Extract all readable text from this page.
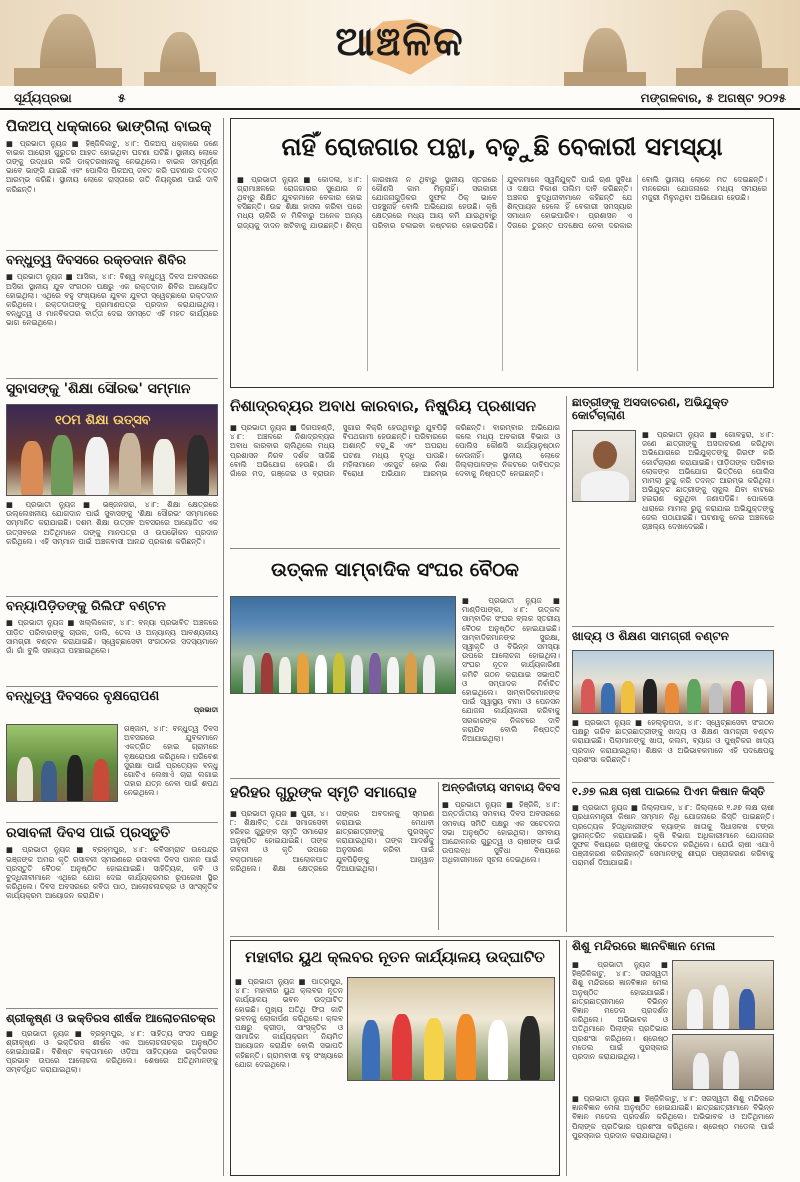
ଆଞ୍ଚଳିକ
ସୂର୍ଯ୍ୟପ୍ରଭା	୫	ମଙ୍ଗଳବାର, ୫ ଅଗଷ୍ଟ ୨୦୨୫
ପିକଅପ୍ ଧକ୍କାରେ ଭାଙ୍ଗିଲା ବାଇକ୍
■ ପ୍ରଭାତୀ ନ୍ୟୁଜ ■ ହିଞ୍ଜିଳିକାଟୁ, ୪।୮: ପିକଅପ୍ ଧକ୍କାରେ ଜଣେ ବାଇକ ଆରୋହୀ ଗୁରୁତର ଆହତ ହୋଇଥିବା ଘଟଣା ଘଟିଛି। ସ୍ଥାନୀୟ ଲୋକେ ତାଙ୍କୁ ଉଦ୍ଧାର କରି ଡାକ୍ତରଖାନାକୁ ନେଇଥିଲେ। ବାଇକ ସମ୍ପୂର୍ଣ୍ଣ ଭାବେ ଭାଙ୍ଗି ଯାଇଛି ଏବଂ ପୋଲିସ ପିକଅପ୍ ଜବତ କରି ଘଟଣାର ତଦନ୍ତ ଆରମ୍ଭ କରିଛି। ସ୍ଥାନୀୟ ଲୋକେ ରାସ୍ତାରେ ଗତି ନିୟନ୍ତ୍ରଣ ପାଇଁ ଦାବି କରିଛନ୍ତି।
ବନ୍ଧୁତ୍ୱ ଦିବସରେ ରକ୍ତଦାନ ଶିବିର
■ ପ୍ରଭାତୀ ନ୍ୟୁଜ ■ ଆସିକା, ୪।୮: ବିଶ୍ୱ ବନ୍ଧୁତ୍ୱ ଦିବସ ଅବସରରେ ଅସିକା ସ୍ଥାନୀୟ ଯୁବ ସଂଗଠନ ପକ୍ଷରୁ ଏକ ରକ୍ତଦାନ ଶିବିର ଆୟୋଜିତ ହୋଇଥିଲା। ଏଥିରେ ବହୁ ସଂଖ୍ୟାରେ ଯୁବକ ଯୁବତୀ ସ୍ୱେଚ୍ଛାରେ ରକ୍ତଦାନ କରିଥିଲେ। ରକ୍ତଦାତାଙ୍କୁ ପ୍ରମାଣପତ୍ର ପ୍ରଦାନ କରାଯାଇଥିଲା। ବନ୍ଧୁତ୍ୱ ଓ ମାନବିକତାର ବାର୍ତ୍ତା ଦେଇ ସମସ୍ତେ ଏହି ମହତ କାର୍ଯ୍ୟରେ ଭାଗ ନେଇଥିଲେ।
ସୁବାସଙ୍କୁ 'ଶିକ୍ଷା ସୌରଭ' ସମ୍ମାନ
୧୦ମ ଶିକ୍ଷା ଉତ୍ସବ
■ ପ୍ରଭାତୀ ନ୍ୟୁଜ ■ ଭଞ୍ଜନଗର, ୪।୮: ଶିକ୍ଷା କ୍ଷେତ୍ରରେ ଉଲ୍ଲେଖନୀୟ ଯୋଗଦାନ ପାଇଁ ସୁବାସଙ୍କୁ 'ଶିକ୍ଷା ସୌରଭ' ସମ୍ମାନରେ ସମ୍ମାନିତ କରାଯାଇଛି। ଦଶମ ଶିକ୍ଷା ଉତ୍ସବ ଅବସରରେ ଆୟୋଜିତ ଏକ ଉତ୍ସବରେ ଅତିଥିମାନେ ତାଙ୍କୁ ମାନପତ୍ର ଓ ଉପଢୌକନ ପ୍ରଦାନ କରିଥିଲେ। ଏହି ସମ୍ମାନ ପାଇଁ ଅଞ୍ଚଳବାସୀ ଆନନ୍ଦ ପ୍ରକାଶ କରିଛନ୍ତି।
ବନ୍ୟାପିଡ଼ିତଙ୍କୁ ରିଲିଫ ବଣ୍ଟନ
■ ପ୍ରଭାତୀ ନ୍ୟୁଜ ■ ଖଲ୍ଲିକୋଟ, ୪।୮: ବନ୍ୟା ପ୍ରଭାବିତ ଅଞ୍ଚଳରେ ପୀଡ଼ିତ ପରିବାରଙ୍କୁ ଚାଉଳ, ଡାଲି, ତେଲ ଓ ଅନ୍ୟାନ୍ୟ ଆବଶ୍ୟକୀୟ ସାମଗ୍ରୀ ବଣ୍ଟନ କରାଯାଇଛି। ସ୍ୱେଚ୍ଛାସେବୀ ସଂଗଠନର ସଦସ୍ୟମାନେ ଗାଁ ଗାଁ ବୁଲି ସହାୟତା ପହଞ୍ଚାଇଥିଲେ।
ବନ୍ଧୁତ୍ୱ ଦିବସରେ ବୃକ୍ଷରୋପଣ
ପ୍ରଭାତୀ
ଗଞ୍ଜାମ, ୪।୮: ବନ୍ଧୁତ୍ୱ ଦିବସ ଅବସରରେ ଯୁବକମାନେ ଏକତ୍ରିତ ହୋଇ ଗ୍ରାମରେ ବୃକ୍ଷରୋପଣ କରିଥିଲେ। ପରିବେଶ ସୁରକ୍ଷା ପାଇଁ ପ୍ରତ୍ୟେକ ବନ୍ଧୁ ଗୋଟିଏ ଲେଖାଏଁ ଚାରା ଲଗାଇ ତାହାର ଯତ୍ନ ନେବା ପାଇଁ ଶପଥ ନେଇଥିଲେ।
ରସାବଳୀ ଦିବସ ପାଇଁ ପ୍ରସ୍ତୁତି
■ ପ୍ରଭାତୀ ନ୍ୟୁଜ ■ ବ୍ରହ୍ମପୁର, ୪।୮: କବିସମ୍ରାଟ ଉପେନ୍ଦ୍ର ଭଞ୍ଜଙ୍କ ଅମର କୃତି ରସାବଳୀ ସ୍ମରଣରେ ରସାବଳୀ ଦିବସ ପାଳନ ପାଇଁ ପ୍ରସ୍ତୁତି ବୈଠକ ଅନୁଷ୍ଠିତ ହୋଇଯାଇଛି। ସାହିତ୍ୟିକ, କବି ଓ ବୁଦ୍ଧିଜୀବୀମାନେ ଏଥିରେ ଯୋଗ ଦେଇ କାର୍ଯ୍ୟକ୍ରମର ରୂପରେଖ ସ୍ଥିର କରିଥିଲେ। ଦିବସ ଅବସରରେ କବିତା ପାଠ, ଆଲୋଚନାଚକ୍ର ଓ ସାଂସ୍କୃତିକ କାର୍ଯ୍ୟକ୍ରମ ଆୟୋଜନ କରାଯିବ।
ଶ୍ରୀକୃଷ୍ଣ ଓ ଭକ୍ତିରସ ଶୀର୍ଷକ ଆଲୋଚନାଚକ୍ର
■ ପ୍ରଭାତୀ ନ୍ୟୁଜ ■ ବ୍ରହ୍ମପୁର, ୪।୮: ସାହିତ୍ୟ ସଂସଦ ପକ୍ଷରୁ ଶ୍ରୀକୃଷ୍ଣ ଓ ଭକ୍ତିରସ ଶୀର୍ଷକ ଏକ ଆଲୋଚନାଚକ୍ର ଅନୁଷ୍ଠିତ ହୋଇଯାଇଛି। ବିଶିଷ୍ଟ ବକ୍ତାମାନେ ଓଡ଼ିଆ ସାହିତ୍ୟରେ ଭକ୍ତିରସର ପ୍ରଭାବ ଉପରେ ଆଲୋଚନା କରିଥିଲେ। ଶେଷରେ ଅତିଥିମାନଙ୍କୁ ସମ୍ବର୍ଦ୍ଧିତ କରାଯାଇଥିଲା।
ନାହିଁ ରୋଜଗାର ପନ୍ଥା, ବଢ଼ୁଛି ବେକାରୀ ସମସ୍ୟା
■ ପ୍ରଭାତୀ ନ୍ୟୁଜ ■ କୋଦଳା, ୪।୮: ଗ୍ରାମାଞ୍ଚଳରେ ରୋଜଗାରର ସୁଯୋଗ ନ ଥିବାରୁ ଶିକ୍ଷିତ ଯୁବକମାନେ ବେକାର ହୋଇ ବସିଛନ୍ତି। ଉଚ୍ଚ ଶିକ୍ଷା ହାସଲ କରିବା ପରେ ମଧ୍ୟ ଚାକିରି ନ ମିଳିବାରୁ ଅନେକ ଅନ୍ୟ ରାଜ୍ୟକୁ ଦାଦନ ଖଟିବାକୁ ଯାଉଛନ୍ତି। ଶିଳ୍ପ କାରଖାନା ନ ଥିବାରୁ ସ୍ଥାନୀୟ ସ୍ତରରେ କୌଣସି କାମ ମିଳୁନାହିଁ। ସରକାରୀ ଯୋଜନାଗୁଡ଼ିକର ସୁଫଳ ଠିକ୍ ଭାବେ ପହଞ୍ଚୁନାହିଁ ବୋଲି ଅଭିଯୋଗ ହେଉଛି। କୃଷି କ୍ଷେତ୍ରରେ ମଧ୍ୟ ଆୟ କମି ଯାଇଥିବାରୁ ପରିବାର ଚଳାଇବା କଷ୍ଟକର ହୋଇପଡ଼ିଛି। ଯୁବକମାନେ ସ୍ୱନିଯୁକ୍ତି ପାଇଁ ଋଣ ସୁବିଧା ଓ ଦକ୍ଷତା ବିକାଶ ତାଲିମ ଦାବି କରିଛନ୍ତି। ଅଞ୍ଚଳର ବୁଦ୍ଧିଜୀବୀମାନେ କହିଛନ୍ତି ଯେ ଶିଳ୍ପାୟନ ହେଲେ ହିଁ ବେକାରୀ ସମସ୍ୟାର ସମାଧାନ ହୋଇପାରିବ। ପ୍ରଶାସନ ଏ ଦିଗରେ ତୁରନ୍ତ ପଦକ୍ଷେପ ନେବା ଦରକାର ବୋଲି ସ୍ଥାନୀୟ ଲୋକେ ମତ ଦେଇଛନ୍ତି। ମନରେଗା ଯୋଜନାରେ ମଧ୍ୟ ସମୟରେ ମଜୁରୀ ମିଳୁନଥିବା ଅଭିଯୋଗ ହେଉଛି।
ନିଶାଦ୍ରବ୍ୟର ଅବାଧ କାରବାର, ନିଷ୍କ୍ରିୟ ପ୍ରଶାସନ
■ ପ୍ରଭାତୀ ନ୍ୟୁଜ ■ ଦିଗପହଣ୍ଡି, ୪।୮: ଅଞ୍ଚଳରେ ନିଶାଦ୍ରବ୍ୟର ଅବାଧ କାରବାର ଚାଲିଥିଲେ ମଧ୍ୟ ପ୍ରଶାସନ ନିରବ ଦର୍ଶକ ସାଜିଛି ବୋଲି ଅଭିଯୋଗ ହେଉଛି। ଗାଁ ଗାଁରେ ମଦ, ଗଞ୍ଜେଇ ଓ ବ୍ରାଉନ ସୁଗାର ବିକ୍ରି ହେଉଥିବାରୁ ଯୁବପିଢ଼ି ବିପଥଗାମୀ ହେଉଛନ୍ତି। ପରିବାରରେ ଅଶାନ୍ତି ବଢ଼ୁଛି ଏବଂ ଅପରାଧ ଘଟଣା ମଧ୍ୟ ବୃଦ୍ଧି ପାଉଛି। ମହିଳାମାନେ ଏକଜୁଟ ହୋଇ ନିଶା ବିରୋଧୀ ଅଭିଯାନ ଆରମ୍ଭ କରିଛନ୍ତି। ବାରମ୍ବାର ଅଭିଯୋଗ କଲେ ମଧ୍ୟ ଅବକାରୀ ବିଭାଗ ଓ ପୋଲିସ କୌଣସି କାର୍ଯ୍ୟାନୁଷ୍ଠାନ ନେଉନାହିଁ। ସ୍ଥାନୀୟ ଲୋକେ ଜିଲ୍ଲାପାଳଙ୍କ ନିକଟରେ ଦାବିପତ୍ର ଦେବାକୁ ନିଷ୍ପତ୍ତି ନେଇଛନ୍ତି।
ଉତ୍କଳ ସାମ୍ବାଦିକ ସଂଘର ବୈଠକ
■ ପ୍ରଭାତୀ ନ୍ୟୁଜ ■ ମାଣ୍ଡିପାଙ୍କା, ୪।୮: ଉତ୍କଳ ସାମ୍ବାଦିକ ସଂଘର ବ୍ଲକ ସ୍ତରୀୟ ବୈଠକ ଅନୁଷ୍ଠିତ ହୋଇଯାଇଛି। ସାମ୍ବାଦିକମାନଙ୍କ ସୁରକ୍ଷା, ସ୍ୱୀକୃତି ଓ ବିଭିନ୍ନ ସମସ୍ୟା ଉପରେ ଆଲୋଚନା ହୋଇଥିଲା। ସଂଘର ନୂତନ କାର୍ଯ୍ୟକାରିଣୀ କମିଟି ଗଠନ କରାଯାଇ ସଭାପତି ଓ ସମ୍ପାଦକ ନିର୍ବାଚିତ ହୋଇଥିଲେ। ସାମ୍ବାଦିକମାନଙ୍କ ପାଇଁ ସ୍ୱାସ୍ଥ୍ୟ ବୀମା ଓ ପେନସନ ଯୋଜନା କାର୍ଯ୍ୟକାରୀ କରିବାକୁ ସରକାରଙ୍କ ନିକଟରେ ଦାବି କରାଯିବ ବୋଲି ନିଷ୍ପତ୍ତି ନିଆଯାଇଥିଲା।
ହରିହର ଗୁରୁଙ୍କ ସ୍ମୃତି ସମାରୋହ
■ ପ୍ରଭାତୀ ନ୍ୟୁଜ ■ ପୁରୀ, ୪।୮: ଶିକ୍ଷାବିତ୍ ତଥା ସମାଜସେବୀ ହରିହର ଗୁରୁଙ୍କ ସ୍ମୃତି ସମାରୋହ ଅନୁଷ୍ଠିତ ହୋଇଯାଇଛି। ତାଙ୍କ ଜୀବନୀ ଓ କୃତି ଉପରେ ବକ୍ତାମାନେ ଆଲୋକପାତ କରିଥିଲେ। ଶିକ୍ଷା କ୍ଷେତ୍ରରେ ତାଙ୍କର ଅବଦାନକୁ ସ୍ମରଣ କରାଯାଇ ମେଧାବୀ ଛାତ୍ରଛାତ୍ରୀଙ୍କୁ ପୁରସ୍କୃତ କରାଯାଇଥିଲା। ତାଙ୍କ ଆଦର୍ଶକୁ ଅନୁସରଣ କରିବା ପାଇଁ ଯୁବପିଢ଼ିଙ୍କୁ ଆହ୍ୱାନ ଦିଆଯାଇଥିଲା।
ଅନ୍ତର୍ଜାତୀୟ ସମବାୟ ଦିବସ
■ ପ୍ରଭାତୀ ନ୍ୟୁଜ ■ ହିଞ୍ଜିଳି, ୪।୮: ଅନ୍ତର୍ଜାତୀୟ ସମବାୟ ଦିବସ ଅବସରରେ ସମବାୟ ସମିତି ପକ୍ଷରୁ ଏକ ସଚେତନତା ସଭା ଅନୁଷ୍ଠିତ ହୋଇଥିଲା। ସମବାୟ ଆନ୍ଦୋଳନର ଗୁରୁତ୍ୱ ଓ ଚାଷୀଙ୍କ ପାଇଁ ଉପଲବ୍ଧ ସୁବିଧା ବିଷୟରେ ଅଧିକାରୀମାନେ ସୂଚନା ଦେଇଥିଲେ।
ଛାତ୍ରୀଙ୍କୁ ଅସଦାଚରଣ, ଅଭିଯୁକ୍ତ କୋର୍ଟଚାଲାଣ
■ ପ୍ରଭାତୀ ନ୍ୟୁଜ ■ ଗୋଳନ୍ଥରା, ୪।୮: ଜଣେ ଛାତ୍ରୀଙ୍କୁ ଅସଦାଚରଣ କରିଥିବା ଅଭିଯୋଗରେ ଅଭିଯୁକ୍ତଙ୍କୁ ଗିରଫ କରି କୋର୍ଟଚାଲାଣ କରାଯାଇଛି। ପୀଡ଼ିତାଙ୍କ ପରିବାର ଲୋକଙ୍କ ଅଭିଯୋଗ ଭିତ୍ତିରେ ପୋଲିସ ମାମଲା ରୁଜୁ କରି ତଦନ୍ତ ଆରମ୍ଭ କରିଥିଲା। ଅଭିଯୁକ୍ତ ଛାତ୍ରୀଙ୍କୁ ସ୍କୁଲ ଯିବା ବାଟରେ ହଇରାଣ କରୁଥିବା ଜଣାପଡ଼ିଛି। ପୋକସୋ ଧାରାରେ ମାମଲା ରୁଜୁ କରାଯାଇ ଅଭିଯୁକ୍ତଙ୍କୁ ଜେଲ ପଠାଯାଇଛି। ଘଟଣାକୁ ନେଇ ଅଞ୍ଚଳରେ ଚାଞ୍ଚଲ୍ୟ ଦେଖାଦେଇଛି।
ଖାଦ୍ୟ ଓ ଶିକ୍ଷଣ ସାମଗ୍ରୀ ବଣ୍ଟନ
■ ପ୍ରଭାତୀ ନ୍ୟୁଜ ■ ହେଲ୍ଲୁପଦା, ୪।୮: ସ୍ୱେଚ୍ଛାସେବୀ ସଂଗଠନ ପକ୍ଷରୁ ଗରିବ ଛାତ୍ରଛାତ୍ରୀଙ୍କୁ ଖାଦ୍ୟ ଓ ଶିକ୍ଷଣ ସାମଗ୍ରୀ ବଣ୍ଟନ କରାଯାଇଛି। ପିଲାମାନଙ୍କୁ ଖାତା, କଲମ, ବ୍ୟାଗ ଓ ପୁଷ୍ଟିକର ଖାଦ୍ୟ ପ୍ରଦାନ କରାଯାଇଥିଲା। ଶିକ୍ଷକ ଓ ଅଭିଭାବକମାନେ ଏହି ପଦକ୍ଷେପକୁ ପ୍ରଶଂସା କରିଛନ୍ତି।
୧.୬୭ ଲକ୍ଷ ଚାଷୀ ପାଇଲେ ପିଏମ କିଷାନ କିସ୍ତି
■ ପ୍ରଭାତୀ ନ୍ୟୁଜ ■ ଜିଲ୍ଲାପାଳ, ୪।୮: ଜିଲ୍ଲାରେ ୧.୬୭ ଲକ୍ଷ ଚାଷୀ ପ୍ରଧାନମନ୍ତ୍ରୀ କିଷାନ ସମ୍ମାନ ନିଧି ଯୋଜନାରେ କିସ୍ତି ପାଇଛନ୍ତି। ପ୍ରତ୍ୟେକ ହିତାଧିକାରୀଙ୍କ ବ୍ୟାଙ୍କ ଖାତାକୁ ସିଧାସଳଖ ଟଙ୍କା ସ୍ଥାନାନ୍ତରିତ କରାଯାଇଛି। କୃଷି ବିଭାଗ ଅଧିକାରୀମାନେ ଯୋଜନାର ସୁଫଳ ବିଷୟରେ ଚାଷୀଙ୍କୁ ସଚେତନ କରିଥିଲେ। ଯେଉଁ ଚାଷୀ ଏଯାଏଁ ପଞ୍ଜୀକରଣ କରିନାହାନ୍ତି ସେମାନଙ୍କୁ ଶୀଘ୍ର ପଞ୍ଜୀକରଣ କରିବାକୁ ପରାମର୍ଶ ଦିଆଯାଇଛି।
ମହାବୀର ୟୁଥ କ୍ଲବର ନୂତନ କାର୍ଯ୍ୟାଳୟ ଉଦ୍‌ଘାଟିତ
■ ପ୍ରଭାତୀ ନ୍ୟୁଜ ■ ପାତ୍ରପୁର, ୪।୮: ମହାବୀର ୟୁଥ କ୍ଲବର ନୂତନ କାର୍ଯ୍ୟାଳୟ ଭବନ ଉଦ୍‌ଘାଟିତ ହୋଇଛି। ମୁଖ୍ୟ ଅତିଥି ଫିତା କାଟି ଭବନକୁ ଲୋକାର୍ପଣ କରିଥିଲେ। କ୍ଲବ ପକ୍ଷରୁ କ୍ରୀଡ଼ା, ସାଂସ୍କୃତିକ ଓ ସାମାଜିକ କାର୍ଯ୍ୟକ୍ରମ ନିୟମିତ ଆୟୋଜନ କରାଯିବ ବୋଲି ସଭାପତି କହିଛନ୍ତି। ଗ୍ରାମବାସୀ ବହୁ ସଂଖ୍ୟାରେ ଯୋଗ ଦେଇଥିଲେ।
ଶିଶୁ ମନ୍ଦିରରେ ଜ୍ଞାନବିଜ୍ଞାନ ମେଳା
■ ପ୍ରଭାତୀ ନ୍ୟୁଜ ■ ହିଞ୍ଜିଳିକାଟୁ, ୪।୮: ସରସ୍ୱତୀ ଶିଶୁ ମନ୍ଦିରରେ ଜ୍ଞାନବିଜ୍ଞାନ ମେଳା ଅନୁଷ୍ଠିତ ହୋଇଯାଇଛି। ଛାତ୍ରଛାତ୍ରୀମାନେ ବିଭିନ୍ନ ବିଜ୍ଞାନ ମଡେଲ ପ୍ରଦର୍ଶନ କରିଥିଲେ। ଅଭିଭାବକ ଓ ଅତିଥିମାନେ ପିଲାଙ୍କ ପ୍ରତିଭାର ପ୍ରଶଂସା କରିଥିଲେ। ଶ୍ରେଷ୍ଠ ମଡେଲ ପାଇଁ ପୁରସ୍କାର ପ୍ରଦାନ କରାଯାଇଥିଲା।
■ ପ୍ରଭାତୀ ନ୍ୟୁଜ ■ ହିଞ୍ଜିଳିକାଟୁ, ୪।୮: ସରସ୍ୱତୀ ଶିଶୁ ମନ୍ଦିରରେ ଜ୍ଞାନବିଜ୍ଞାନ ମେଳା ଅନୁଷ୍ଠିତ ହୋଇଯାଇଛି। ଛାତ୍ରଛାତ୍ରୀମାନେ ବିଭିନ୍ନ ବିଜ୍ଞାନ ମଡେଲ ପ୍ରଦର୍ଶନ କରିଥିଲେ। ଅଭିଭାବକ ଓ ଅତିଥିମାନେ ପିଲାଙ୍କ ପ୍ରତିଭାର ପ୍ରଶଂସା କରିଥିଲେ। ଶ୍ରେଷ୍ଠ ମଡେଲ ପାଇଁ ପୁରସ୍କାର ପ୍ରଦାନ କରାଯାଇଥିଲା।
